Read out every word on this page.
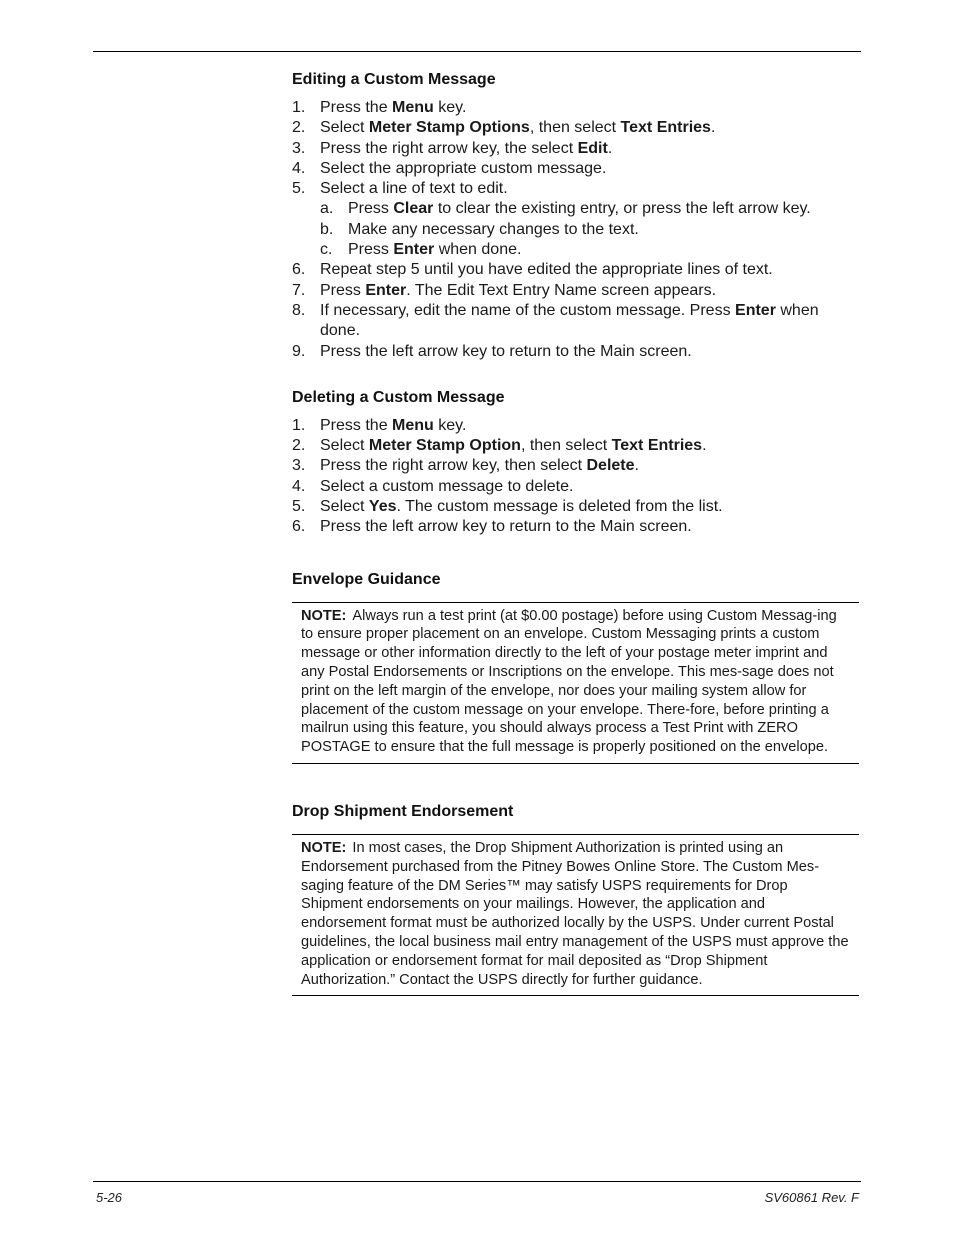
Editing a Custom Message
1. Press the Menu key.
2. Select Meter Stamp Options, then select Text Entries.
3. Press the right arrow key, the select Edit.
4. Select the appropriate custom message.
5. Select a line of text to edit.
a. Press Clear to clear the existing entry, or press the left arrow key.
b. Make any necessary changes to the text.
c. Press Enter when done.
6. Repeat step 5 until you have edited the appropriate lines of text.
7. Press Enter. The Edit Text Entry Name screen appears.
8. If necessary, edit the name of the custom message. Press Enter when done.
9. Press the left arrow key to return to the Main screen.
Deleting a Custom Message
1. Press the Menu key.
2. Select Meter Stamp Option, then select Text Entries.
3. Press the right arrow key, then select Delete.
4. Select a custom message to delete.
5. Select Yes. The custom message is deleted from the list.
6. Press the left arrow key to return to the Main screen.
Envelope Guidance
NOTE: Always run a test print (at $0.00 postage) before using Custom Messag-ing to ensure proper placement on an envelope. Custom Messaging prints a custom message or other information directly to the left of your postage meter imprint and any Postal Endorsements or Inscriptions on the envelope. This mes-sage does not print on the left margin of the envelope, nor does your mailing system allow for placement of the custom message on your envelope. There-fore, before printing a mailrun using this feature, you should always process a Test Print with ZERO POSTAGE to ensure that the full message is properly positioned on the envelope.
Drop Shipment Endorsement
NOTE: In most cases, the Drop Shipment Authorization is printed using an Endorsement purchased from the Pitney Bowes Online Store. The Custom Mes-saging feature of the DM Series™ may satisfy USPS requirements for Drop Shipment endorsements on your mailings. However, the application and endorsement format must be authorized locally by the USPS. Under current Postal guidelines, the local business mail entry management of the USPS must approve the application or endorsement format for mail deposited as “Drop Shipment Authorization.” Contact the USPS directly for further guidance.
5-26	SV60861 Rev. F
